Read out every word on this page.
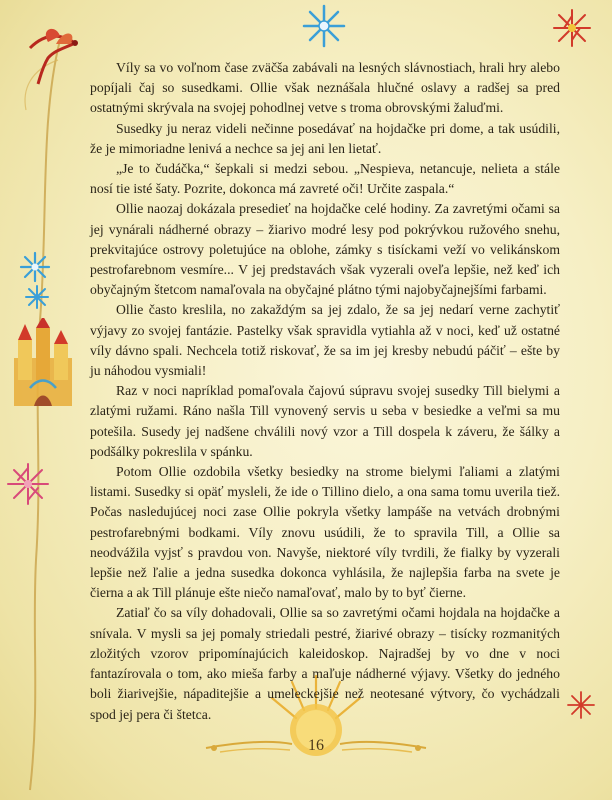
Víly sa vo voľnom čase zväčša zabávali na lesných slávnostiach, hrali hry alebo popíjali čaj so susedkami. Ollie však neznášala hlučné oslavy a radšej sa pred ostatnými skrývala na svojej pohodlnej vetve s troma obrovskými žaluďmi.

Susedky ju neraz videli nečinne posedávať na hojdačke pri dome, a tak usúdili, že je mimoriadne lenivá a nechce sa jej ani len lietať.

„Je to čudáčka,“ šepkali si medzi sebou. „Nespieva, netancuje, nelieta a stále nosí tie isté šaty. Pozrite, dokonca má zavreté oči! Určite zaspala.“

Ollie naozaj dokázala presedieť na hojdačke celé hodiny. Za zavretými očami sa jej vynárali nádherné obrazy – žiarivo modré lesy pod pokrývkou ružového snehu, prekvitajúce ostrovy poletujúce na oblohe, zámky s tisíckami veží vo velikánskom pestrofarebnom vesmíre... V jej predstavách však vyzerali oveľa lepšie, než keď ich obyčajným štetcom namaľovala na obyčajné plátno tými najobyčajnejšími farbami.

Ollie často kreslila, no zakaždým sa jej zdalo, že sa jej nedarí verne zachytiť výjavy zo svojej fantázie. Pastelky však spravidla vytiahla až v noci, keď už ostatné víly dávno spali. Nechcela totiž riskovať, že sa im jej kresby nebudú páčiť – ešte by ju náhodou vysmiali!

Raz v noci napríklad pomaľovala čajovú súpravu svojej susedky Till bielymi a zlatými ružami. Ráno našla Till vynovený servis u seba v besiedke a veľmi sa mu potešila. Susedy jej nadšene chválili nový vzor a Till dospela k záveru, že šálky a podšálky pokreslila v spánku.

Potom Ollie ozdobila všetky besiedky na strome bielymi ľaliami a zlatými listami. Susedky si opäť mysleli, že ide o Tillino dielo, a ona sama tomu uverila tiež. Počas nasledujúcej noci zase Ollie pokryla všetky lampáše na vetvách drobnými pestrofarebnými bodkami. Víly znovu usúdili, že to spravila Till, a Ollie sa neodvážila vyjsť s pravdou von. Navyše, niektoré víly tvrdili, že fialky by vyzerali lepšie než ľalie a jedna susedka dokonca vyhlásila, že najlepšia farba na svete je čierna a ak Till plánuje ešte niečo namaľovať, malo by to byť čierne.

Zatiaľ čo sa víly dohadovali, Ollie sa so zavretými očami hojdala na hojdačke a snívala. V mysli sa jej pomaly striedali pestré, žiarivé obrazy – tisícky rozmanitých zložitých vzorov pripomínajúcich kaleidoskop. Najradšej by vo dne v noci fantazírovala o tom, ako mieša farby a maľuje nádherné výjavy. Všetky do jedného boli žiarivejšie, nápaditejšie a umeleckejšie než neotesané výtvory, čo vychádzali spod jej pera či štetca.

16
